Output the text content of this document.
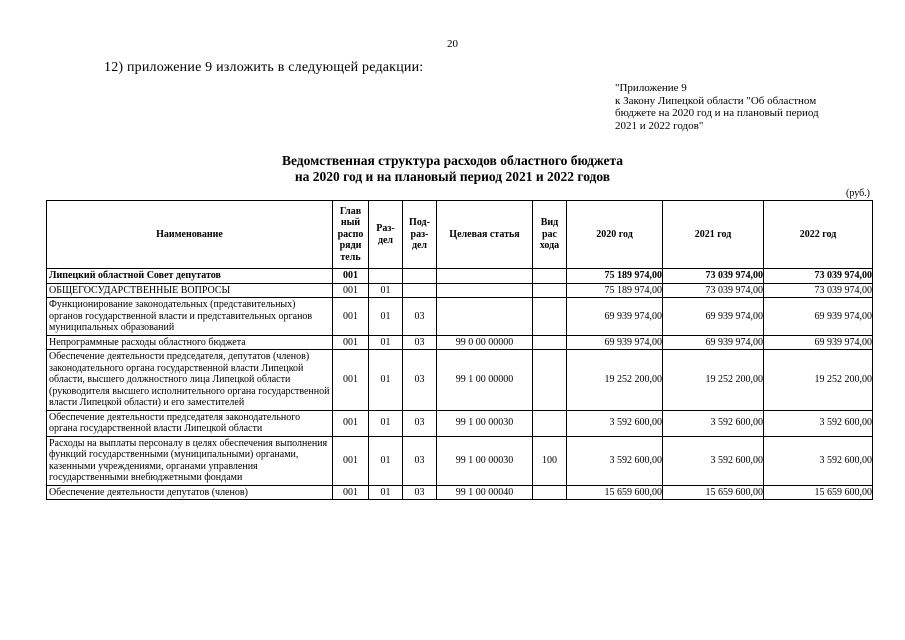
20
12) приложение 9 изложить в следующей редакции:
"Приложение 9
к Закону Липецкой области "Об областном
бюджете на 2020 год и на плановый период
2021 и 2022 годов"
Ведомственная структура расходов областного бюджета
на 2020 год и на плановый период 2021 и 2022 годов
(руб.)
Наименование	Глав ный распо ряди тель	Раз- дел	Под- раз- дел	Целевая статья	Вид рас хода	2020 год	2021 год	2022 год
Липецкий областной Совет депутатов	001					75 189 974,00	73 039 974,00	73 039 974,00
ОБЩЕГОСУДАРСТВЕННЫЕ ВОПРОСЫ	001	01				75 189 974,00	73 039 974,00	73 039 974,00
Функционирование законодательных (представительных) органов государственной власти и представительных органов муниципальных образований	001	01	03			69 939 974,00	69 939 974,00	69 939 974,00
Непрограммные расходы областного бюджета	001	01	03	99 0 00 00000		69 939 974,00	69 939 974,00	69 939 974,00
Обеспечение деятельности председателя, депутатов (членов) законодательного органа государственной власти Липецкой области, высшего должностного лица Липецкой области (руководителя высшего исполнительного органа государственной власти Липецкой области) и его заместителей	001	01	03	99 1 00 00000		19 252 200,00	19 252 200,00	19 252 200,00
Обеспечение деятельности председателя законодательного органа государственной власти Липецкой области	001	01	03	99 1 00 00030		3 592 600,00	3 592 600,00	3 592 600,00
Расходы на выплаты персоналу в целях обеспечения выполнения функций государственными (муниципальными) органами, казенными учреждениями, органами управления государственными внебюджетными фондами	001	01	03	99 1 00 00030	100	3 592 600,00	3 592 600,00	3 592 600,00
Обеспечение деятельности депутатов (членов)	001	01	03	99 1 00 00040		15 659 600,00	15 659 600,00	15 659 600,00
